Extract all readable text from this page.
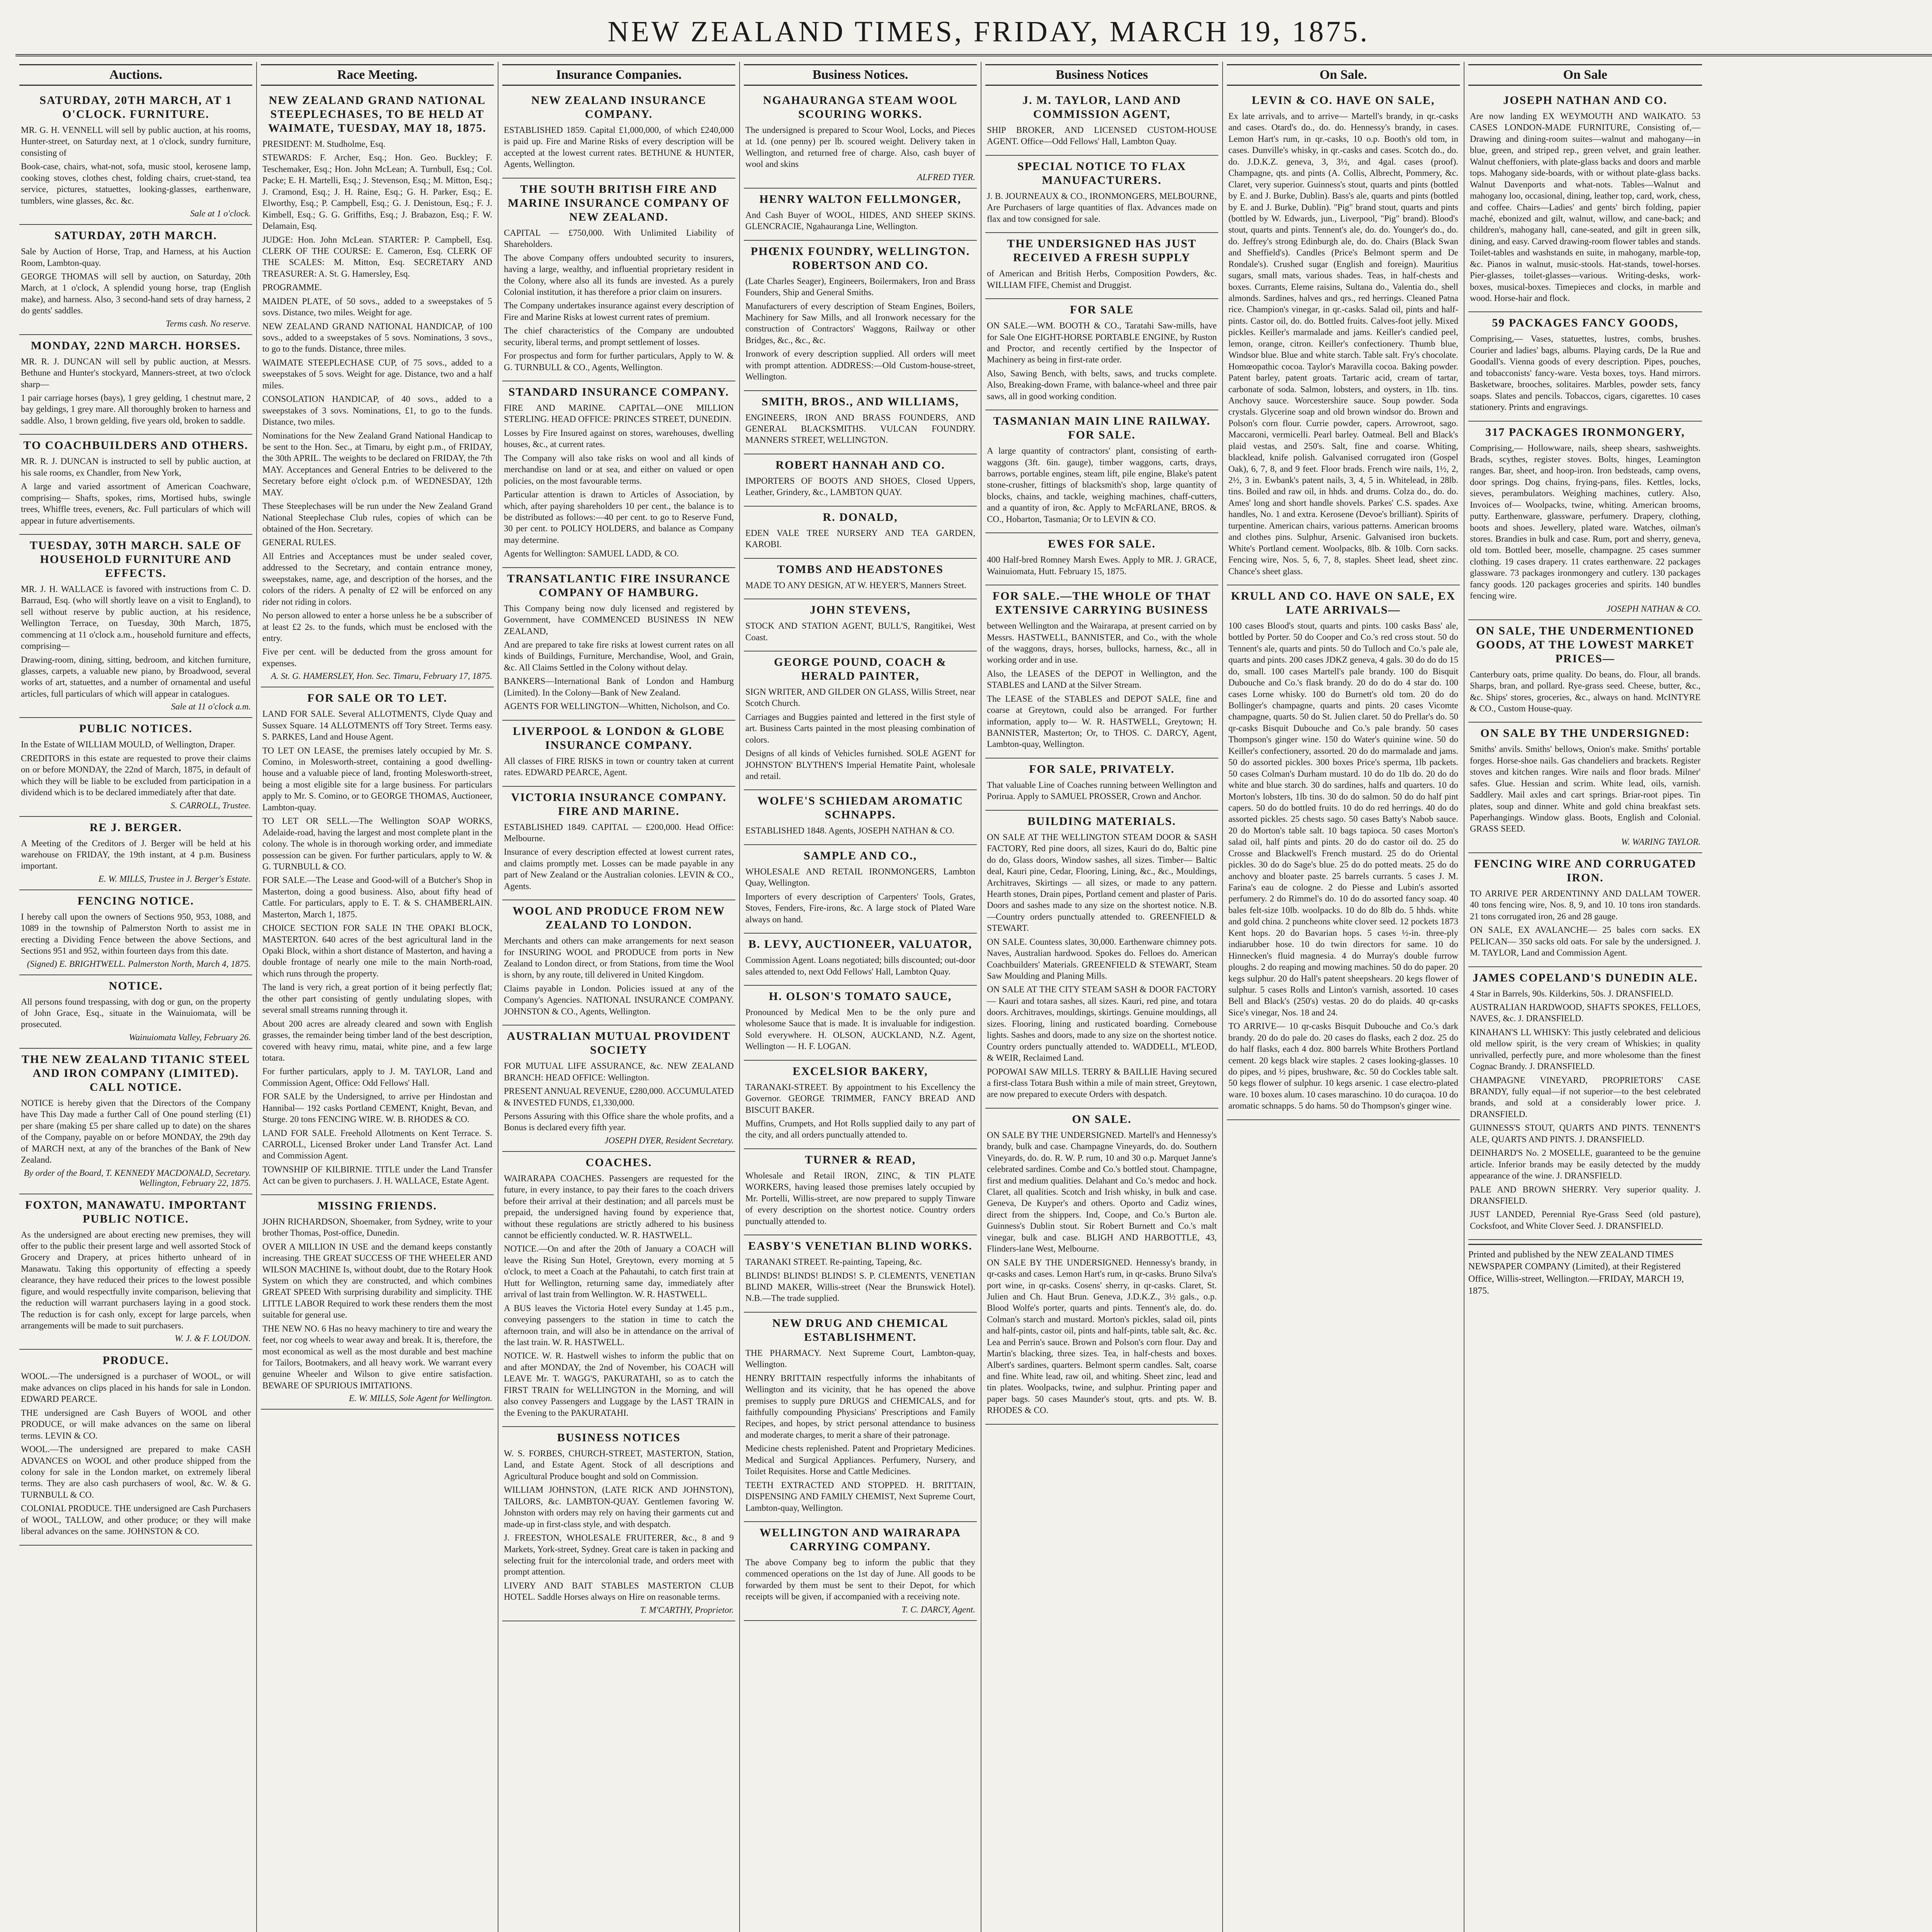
NEW ZEALAND TIMES, FRIDAY, MARCH 19, 1875.
Auctions.
SATURDAY, 20TH MARCH, AT 1 O'CLOCK. FURNITURE.

MR. G. H. VENNELL will sell by public auction, at his rooms, Hunter-street, on Saturday next, at 1 o'clock, sundry furniture, consisting of

Book-case, chairs, what-not, sofa, music stool, kerosene lamp, cooking stoves, clothes chest, folding chairs, cruet-stand, tea service, pictures, statuettes, looking-glasses, earthenware, tumblers, wine glasses, &c. &c.

Sale at 1 o'clock.
SATURDAY, 20TH MARCH.

Sale by Auction of Horse, Trap, and Harness, at his Auction Room, Lambton-quay.

GEORGE THOMAS will sell by auction, on Saturday, 20th March, at 1 o'clock, A splendid young horse, trap (English make), and harness. Also, 3 second-hand sets of dray harness, 2 do gents' saddles.

Terms cash. No reserve.
MONDAY, 22ND MARCH. HORSES.

MR. R. J. DUNCAN will sell by public auction, at Messrs. Bethune and Hunter's stockyard, Manners-street, at two o'clock sharp—

1 pair carriage horses (bays), 1 grey gelding, 1 chestnut mare, 2 bay geldings, 1 grey mare. All thoroughly broken to harness and saddle. Also, 1 brown gelding, five years old, broken to saddle.

TO COACHBUILDERS AND OTHERS.

MR. R. J. DUNCAN is instructed to sell by public auction, at his sale rooms, ex Chandler, from New York,

A large and varied assortment of American Coachware, comprising— Shafts, spokes, rims, Mortised hubs, swingle trees, Whiffle trees, eveners, &c. Full particulars of which will appear in future advertisements.

TUESDAY, 30TH MARCH. SALE OF HOUSEHOLD FURNITURE AND EFFECTS.

MR. J. H. WALLACE is favored with instructions from C. D. Barraud, Esq. (who will shortly leave on a visit to England), to sell without reserve by public auction, at his residence, Wellington Terrace, on Tuesday, 30th March, 1875, commencing at 11 o'clock a.m., household furniture and effects, comprising—

Drawing-room, dining, sitting, bedroom, and kitchen furniture, glasses, carpets, a valuable new piano, by Broadwood, several works of art, statuettes, and a number of ornamental and useful articles, full particulars of which will appear in catalogues.

Sale at 11 o'clock a.m.
PUBLIC NOTICES.

In the Estate of WILLIAM MOULD, of Wellington, Draper.

CREDITORS in this estate are requested to prove their claims on or before MONDAY, the 22nd of March, 1875, in default of which they will be liable to be excluded from participation in a dividend which is to be declared immediately after that date.

S. CARROLL, Trustee.
RE J. BERGER.

A Meeting of the Creditors of J. Berger will be held at his warehouse on FRIDAY, the 19th instant, at 4 p.m. Business important.

E. W. MILLS, Trustee in J. Berger's Estate.
FENCING NOTICE.

I hereby call upon the owners of Sections 950, 953, 1088, and 1089 in the township of Palmerston North to assist me in erecting a Dividing Fence between the above Sections, and Sections 951 and 952, within fourteen days from this date.

(Signed) E. BRIGHTWELL. Palmerston North, March 4, 1875.
NOTICE.

All persons found trespassing, with dog or gun, on the property of John Grace, Esq., situate in the Wainuiomata, will be prosecuted.

Wainuiomata Valley, February 26.
THE NEW ZEALAND TITANIC STEEL AND IRON COMPANY (LIMITED). CALL NOTICE.

NOTICE is hereby given that the Directors of the Company have This Day made a further Call of One pound sterling (£1) per share (making £5 per share called up to date) on the shares of the Company, payable on or before MONDAY, the 29th day of MARCH next, at any of the branches of the Bank of New Zealand.

By order of the Board, T. KENNEDY MACDONALD, Secretary. Wellington, February 22, 1875.
FOXTON, MANAWATU. IMPORTANT PUBLIC NOTICE.

As the undersigned are about erecting new premises, they will offer to the public their present large and well assorted Stock of Grocery and Drapery, at prices hitherto unheard of in Manawatu. Taking this opportunity of effecting a speedy clearance, they have reduced their prices to the lowest possible figure, and would respectfully invite comparison, believing that the reduction will warrant purchasers laying in a good stock. The reduction is for cash only, except for large parcels, when arrangements will be made to suit purchasers.

W. J. & F. LOUDON.
PRODUCE.

WOOL.—The undersigned is a purchaser of WOOL, or will make advances on clips placed in his hands for sale in London. EDWARD PEARCE.

THE undersigned are Cash Buyers of WOOL and other PRODUCE, or will make advances on the same on liberal terms. LEVIN & CO.

WOOL.—The undersigned are prepared to make CASH ADVANCES on WOOL and other produce shipped from the colony for sale in the London market, on extremely liberal terms. They are also cash purchasers of wool, &c. W. & G. TURNBULL & CO.

COLONIAL PRODUCE. THE undersigned are Cash Purchasers of WOOL, TALLOW, and other produce; or they will make liberal advances on the same. JOHNSTON & CO.

Race Meeting.
NEW ZEALAND GRAND NATIONAL STEEPLECHASES, TO BE HELD AT WAIMATE, TUESDAY, MAY 18, 1875.

PRESIDENT: M. Studholme, Esq.

STEWARDS: F. Archer, Esq.; Hon. Geo. Buckley; F. Teschemaker, Esq.; Hon. John McLean; A. Turnbull, Esq.; Col. Packe; E. H. Martelli, Esq.; J. Stevenson, Esq.; M. Mitton, Esq.; J. Cramond, Esq.; J. H. Raine, Esq.; G. H. Parker, Esq.; E. Elworthy, Esq.; P. Campbell, Esq.; G. J. Denistoun, Esq.; F. J. Kimbell, Esq.; G. G. Griffiths, Esq.; J. Brabazon, Esq.; F. W. Delamain, Esq.

JUDGE: Hon. John McLean. STARTER: P. Campbell, Esq. CLERK OF THE COURSE: E. Cameron, Esq. CLERK OF THE SCALES: M. Mitton, Esq. SECRETARY AND TREASURER: A. St. G. Hamersley, Esq.

PROGRAMME.

MAIDEN PLATE, of 50 sovs., added to a sweepstakes of 5 sovs. Distance, two miles. Weight for age.

NEW ZEALAND GRAND NATIONAL HANDICAP, of 100 sovs., added to a sweepstakes of 5 sovs. Nominations, 3 sovs., to go to the funds. Distance, three miles.

WAIMATE STEEPLECHASE CUP, of 75 sovs., added to a sweepstakes of 5 sovs. Weight for age. Distance, two and a half miles.

CONSOLATION HANDICAP, of 40 sovs., added to a sweepstakes of 3 sovs. Nominations, £1, to go to the funds. Distance, two miles.

Nominations for the New Zealand Grand National Handicap to be sent to the Hon. Sec., at Timaru, by eight p.m., of FRIDAY, the 30th APRIL. The weights to be declared on FRIDAY, the 7th MAY. Acceptances and General Entries to be delivered to the Secretary before eight o'clock p.m. of WEDNESDAY, 12th MAY.

These Steeplechases will be run under the New Zealand Grand National Steeplechase Club rules, copies of which can be obtained of the Hon. Secretary.

GENERAL RULES.

All Entries and Acceptances must be under sealed cover, addressed to the Secretary, and contain entrance money, sweepstakes, name, age, and description of the horses, and the colors of the riders. A penalty of £2 will be enforced on any rider not riding in colors.

No person allowed to enter a horse unless he be a subscriber of at least £2 2s. to the funds, which must be enclosed with the entry.

Five per cent. will be deducted from the gross amount for expenses.

A. St. G. HAMERSLEY, Hon. Sec. Timaru, February 17, 1875.
FOR SALE OR TO LET.

LAND FOR SALE. Several ALLOTMENTS, Clyde Quay and Sussex Square. 14 ALLOTMENTS off Tory Street. Terms easy. S. PARKES, Land and House Agent.

TO LET ON LEASE, the premises lately occupied by Mr. S. Comino, in Molesworth-street, containing a good dwelling-house and a valuable piece of land, fronting Molesworth-street, being a most eligible site for a large business. For particulars apply to Mr. S. Comino, or to GEORGE THOMAS, Auctioneer, Lambton-quay.

TO LET OR SELL.—The Wellington SOAP WORKS, Adelaide-road, having the largest and most complete plant in the colony. The whole is in thorough working order, and immediate possession can be given. For further particulars, apply to W. & G. TURNBULL & CO.

FOR SALE.—The Lease and Good-will of a Butcher's Shop in Masterton, doing a good business. Also, about fifty head of Cattle. For particulars, apply to E. T. & S. CHAMBERLAIN. Masterton, March 1, 1875.

CHOICE SECTION FOR SALE IN THE OPAKI BLOCK, MASTERTON. 640 acres of the best agricultural land in the Opaki Block, within a short distance of Masterton, and having a double frontage of nearly one mile to the main North-road, which runs through the property.

The land is very rich, a great portion of it being perfectly flat; the other part consisting of gently undulating slopes, with several small streams running through it.

About 200 acres are already cleared and sown with English grasses, the remainder being timber land of the best description, covered with heavy rimu, matai, white pine, and a few large totara.

For further particulars, apply to J. M. TAYLOR, Land and Commission Agent, Office: Odd Fellows' Hall.

FOR SALE by the Undersigned, to arrive per Hindostan and Hannibal— 192 casks Portland CEMENT, Knight, Bevan, and Sturge. 20 tons FENCING WIRE. W. B. RHODES & CO.

LAND FOR SALE. Freehold Allotments on Kent Terrace. S. CARROLL, Licensed Broker under Land Transfer Act. Land and Commission Agent.

TOWNSHIP OF KILBIRNIE. TITLE under the Land Transfer Act can be given to purchasers. J. H. WALLACE, Estate Agent.

MISSING FRIENDS.

JOHN RICHARDSON, Shoemaker, from Sydney, write to your brother Thomas, Post-office, Dunedin.

OVER A MILLION IN USE and the demand keeps constantly increasing. THE GREAT SUCCESS OF THE WHEELER AND WILSON MACHINE Is, without doubt, due to the Rotary Hook System on which they are constructed, and which combines GREAT SPEED With surprising durability and simplicity. THE LITTLE LABOR Required to work these renders them the most suitable for general use.

THE NEW NO. 6 Has no heavy machinery to tire and weary the feet, nor cog wheels to wear away and break. It is, therefore, the most economical as well as the most durable and best machine for Tailors, Bootmakers, and all heavy work. We warrant every genuine Wheeler and Wilson to give entire satisfaction. BEWARE OF SPURIOUS IMITATIONS.

E. W. MILLS, Sole Agent for Wellington.
Insurance Companies.
NEW ZEALAND INSURANCE COMPANY.

ESTABLISHED 1859. Capital £1,000,000, of which £240,000 is paid up. Fire and Marine Risks of every description will be accepted at the lowest current rates. BETHUNE & HUNTER, Agents, Wellington.

THE SOUTH BRITISH FIRE AND MARINE INSURANCE COMPANY OF NEW ZEALAND.

CAPITAL — £750,000. With Unlimited Liability of Shareholders.

The above Company offers undoubted security to insurers, having a large, wealthy, and influential proprietary resident in the Colony, where also all its funds are invested. As a purely Colonial institution, it has therefore a prior claim on insurers.

The Company undertakes insurance against every description of Fire and Marine Risks at lowest current rates of premium.

The chief characteristics of the Company are undoubted security, liberal terms, and prompt settlement of losses.

For prospectus and form for further particulars, Apply to W. & G. TURNBULL & CO., Agents, Wellington.

STANDARD INSURANCE COMPANY.

FIRE AND MARINE. CAPITAL—ONE MILLION STERLING. HEAD OFFICE: PRINCES STREET, DUNEDIN.

Losses by Fire Insured against on stores, warehouses, dwelling houses, &c., at current rates.

The Company will also take risks on wool and all kinds of merchandise on land or at sea, and either on valued or open policies, on the most favourable terms.

Particular attention is drawn to Articles of Association, by which, after paying shareholders 10 per cent., the balance is to be distributed as follows:—40 per cent. to go to Reserve Fund, 30 per cent. to POLICY HOLDERS, and balance as Company may determine.

Agents for Wellington: SAMUEL LADD, & CO.

TRANSATLANTIC FIRE INSURANCE COMPANY OF HAMBURG.

This Company being now duly licensed and registered by Government, have COMMENCED BUSINESS IN NEW ZEALAND,

And are prepared to take fire risks at lowest current rates on all kinds of Buildings, Furniture, Merchandise, Wool, and Grain, &c. All Claims Settled in the Colony without delay.

BANKERS—International Bank of London and Hamburg (Limited). In the Colony—Bank of New Zealand.

AGENTS FOR WELLINGTON—Whitten, Nicholson, and Co.

LIVERPOOL & LONDON & GLOBE INSURANCE COMPANY.

All classes of FIRE RISKS in town or country taken at current rates. EDWARD PEARCE, Agent.

VICTORIA INSURANCE COMPANY. FIRE AND MARINE.

ESTABLISHED 1849. CAPITAL — £200,000. Head Office: Melbourne.

Insurance of every description effected at lowest current rates, and claims promptly met. Losses can be made payable in any part of New Zealand or the Australian colonies. LEVIN & CO., Agents.

WOOL AND PRODUCE FROM NEW ZEALAND TO LONDON.

Merchants and others can make arrangements for next season for INSURING WOOL and PRODUCE from ports in New Zealand to London direct, or from Stations, from time the Wool is shorn, by any route, till delivered in United Kingdom.

Claims payable in London. Policies issued at any of the Company's Agencies. NATIONAL INSURANCE COMPANY. JOHNSTON & CO., Agents, Wellington.

AUSTRALIAN MUTUAL PROVIDENT SOCIETY

FOR MUTUAL LIFE ASSURANCE, &c. NEW ZEALAND BRANCH: HEAD OFFICE: Wellington.

PRESENT ANNUAL REVENUE, £280,000. ACCUMULATED & INVESTED FUNDS, £1,330,000.

Persons Assuring with this Office share the whole profits, and a Bonus is declared every fifth year.

JOSEPH DYER, Resident Secretary.
COACHES.

WAIRARAPA COACHES. Passengers are requested for the future, in every instance, to pay their fares to the coach drivers before their arrival at their destination; and all parcels must be prepaid, the undersigned having found by experience that, without these regulations are strictly adhered to his business cannot be efficiently conducted. W. R. HASTWELL.

NOTICE.—On and after the 20th of January a COACH will leave the Rising Sun Hotel, Greytown, every morning at 5 o'clock, to meet a Coach at the Pahautahi, to catch first train at Hutt for Wellington, returning same day, immediately after arrival of last train from Wellington. W. R. HASTWELL.

A BUS leaves the Victoria Hotel every Sunday at 1.45 p.m., conveying passengers to the station in time to catch the afternoon train, and will also be in attendance on the arrival of the last train. W. R. HASTWELL.

NOTICE. W. R. Hastwell wishes to inform the public that on and after MONDAY, the 2nd of November, his COACH will LEAVE Mr. T. WAGG'S, PAKURATAHI, so as to catch the FIRST TRAIN for WELLINGTON in the Morning, and will also convey Passengers and Luggage by the LAST TRAIN in the Evening to the PAKURATAHI.

BUSINESS NOTICES

W. S. FORBES, CHURCH-STREET, MASTERTON, Station, Land, and Estate Agent. Stock of all descriptions and Agricultural Produce bought and sold on Commission.

WILLIAM JOHNSTON, (LATE RICK AND JOHNSTON), TAILORS, &c. LAMBTON-QUAY. Gentlemen favoring W. Johnston with orders may rely on having their garments cut and made-up in first-class style, and with despatch.

J. FREESTON, WHOLESALE FRUITERER, &c., 8 and 9 Markets, York-street, Sydney. Great care is taken in packing and selecting fruit for the intercolonial trade, and orders meet with prompt attention.

LIVERY AND BAIT STABLES MASTERTON CLUB HOTEL. Saddle Horses always on Hire on reasonable terms.

T. M'CARTHY, Proprietor.
Business Notices.
NGAHAURANGA STEAM WOOL SCOURING WORKS.

The undersigned is prepared to Scour Wool, Locks, and Pieces at 1d. (one penny) per lb. scoured weight. Delivery taken in Wellington, and returned free of charge. Also, cash buyer of wool and skins

ALFRED TYER.
HENRY WALTON FELLMONGER,

And Cash Buyer of WOOL, HIDES, AND SHEEP SKINS. GLENCRACIE, Ngahauranga Line, Wellington.

PHŒNIX FOUNDRY, WELLINGTON. ROBERTSON AND CO.

(Late Charles Seager), Engineers, Boilermakers, Iron and Brass Founders, Ship and General Smiths.

Manufacturers of every description of Steam Engines, Boilers, Machinery for Saw Mills, and all Ironwork necessary for the construction of Contractors' Waggons, Railway or other Bridges, &c., &c., &c.

Ironwork of every description supplied. All orders will meet with prompt attention. ADDRESS:—Old Custom-house-street, Wellington.

SMITH, BROS., AND WILLIAMS,

ENGINEERS, IRON AND BRASS FOUNDERS, AND GENERAL BLACKSMITHS. VULCAN FOUNDRY. MANNERS STREET, WELLINGTON.

ROBERT HANNAH AND CO.

IMPORTERS OF BOOTS AND SHOES, Closed Uppers, Leather, Grindery, &c., LAMBTON QUAY.

R. DONALD,

EDEN VALE TREE NURSERY AND TEA GARDEN, KAROBI.

TOMBS AND HEADSTONES

MADE TO ANY DESIGN, AT W. HEYER'S, Manners Street.

JOHN STEVENS,

STOCK AND STATION AGENT, BULL'S, Rangitikei, West Coast.

GEORGE POUND, COACH & HERALD PAINTER,

SIGN WRITER, AND GILDER ON GLASS, Willis Street, near Scotch Church.

Carriages and Buggies painted and lettered in the first style of art. Business Carts painted in the most pleasing combination of colors.

Designs of all kinds of Vehicles furnished. SOLE AGENT for JOHNSTON' BLYTHEN'S Imperial Hematite Paint, wholesale and retail.

WOLFE'S SCHIEDAM AROMATIC SCHNAPPS.

ESTABLISHED 1848. Agents, JOSEPH NATHAN & CO.

SAMPLE AND CO.,

WHOLESALE AND RETAIL IRONMONGERS, Lambton Quay, Wellington.

Importers of every description of Carpenters' Tools, Grates, Stoves, Fenders, Fire-irons, &c. A large stock of Plated Ware always on hand.

B. LEVY, AUCTIONEER, VALUATOR,

Commission Agent. Loans negotiated; bills discounted; out-door sales attended to, next Odd Fellows' Hall, Lambton Quay.

H. OLSON'S TOMATO SAUCE,

Pronounced by Medical Men to be the only pure and wholesome Sauce that is made. It is invaluable for indigestion. Sold everywhere. H. OLSON, AUCKLAND, N.Z. Agent, Wellington — H. F. LOGAN.

EXCELSIOR BAKERY,

TARANAKI-STREET. By appointment to his Excellency the Governor. GEORGE TRIMMER, FANCY BREAD AND BISCUIT BAKER.

Muffins, Crumpets, and Hot Rolls supplied daily to any part of the city, and all orders punctually attended to.

TURNER & READ,

Wholesale and Retail IRON, ZINC, & TIN PLATE WORKERS, having leased those premises lately occupied by Mr. Portelli, Willis-street, are now prepared to supply Tinware of every description on the shortest notice. Country orders punctually attended to.

EASBY'S VENETIAN BLIND WORKS.

TARANAKI STREET. Re-painting, Tapeing, &c.

BLINDS! BLINDS! BLINDS! S. P. CLEMENTS, VENETIAN BLIND MAKER, Willis-street (Near the Brunswick Hotel). N.B.—The trade supplied.

NEW DRUG AND CHEMICAL ESTABLISHMENT.

THE PHARMACY. Next Supreme Court, Lambton-quay, Wellington.

HENRY BRITTAIN respectfully informs the inhabitants of Wellington and its vicinity, that he has opened the above premises to supply pure DRUGS and CHEMICALS, and for faithfully compounding Physicians' Prescriptions and Family Recipes, and hopes, by strict personal attendance to business and moderate charges, to merit a share of their patronage.

Medicine chests replenished. Patent and Proprietary Medicines. Medical and Surgical Appliances. Perfumery, Nursery, and Toilet Requisites. Horse and Cattle Medicines.

TEETH EXTRACTED AND STOPPED. H. BRITTAIN, DISPENSING AND FAMILY CHEMIST, Next Supreme Court, Lambton-quay, Wellington.

WELLINGTON AND WAIRARAPA CARRYING COMPANY.

The above Company beg to inform the public that they commenced operations on the 1st day of June. All goods to be forwarded by them must be sent to their Depot, for which receipts will be given, if accompanied with a receiving note.

T. C. DARCY, Agent.
Business Notices
J. M. TAYLOR, LAND AND COMMISSION AGENT,

SHIP BROKER, AND LICENSED CUSTOM-HOUSE AGENT. Office—Odd Fellows' Hall, Lambton Quay.

SPECIAL NOTICE TO FLAX MANUFACTURERS.

J. B. JOURNEAUX & CO., IRONMONGERS, MELBOURNE, Are Purchasers of large quantities of flax. Advances made on flax and tow consigned for sale.

THE UNDERSIGNED HAS JUST RECEIVED A FRESH SUPPLY

of American and British Herbs, Composition Powders, &c. WILLIAM FIFE, Chemist and Druggist.

FOR SALE

ON SALE.—WM. BOOTH & CO., Taratahi Saw-mills, have for Sale One EIGHT-HORSE PORTABLE ENGINE, by Ruston and Proctor, and recently certified by the Inspector of Machinery as being in first-rate order.

Also, Sawing Bench, with belts, saws, and trucks complete. Also, Breaking-down Frame, with balance-wheel and three pair saws, all in good working condition.

TASMANIAN MAIN LINE RAILWAY. FOR SALE.

A large quantity of contractors' plant, consisting of earth-waggons (3ft. 6in. gauge), timber waggons, carts, drays, barrows, portable engines, steam lift, pile engine, Blake's patent stone-crusher, fittings of blacksmith's shop, large quantity of blocks, chains, and tackle, weighing machines, chaff-cutters, and a quantity of iron, &c. Apply to McFARLANE, BROS. & CO., Hobarton, Tasmania; Or to LEVIN & CO.

EWES FOR SALE.

400 Half-bred Romney Marsh Ewes. Apply to MR. J. GRACE, Wainuiomata, Hutt. February 15, 1875.

FOR SALE.—THE WHOLE OF THAT EXTENSIVE CARRYING BUSINESS

between Wellington and the Wairarapa, at present carried on by Messrs. HASTWELL, BANNISTER, and Co., with the whole of the waggons, drays, horses, bullocks, harness, &c., all in working order and in use.

Also, the LEASES of the DEPOT in Wellington, and the STABLES and LAND at the Silver Stream.

The LEASE of the STABLES and DEPOT SALE, fine and coarse at Greytown, could also be arranged. For further information, apply to— W. R. HASTWELL, Greytown; H. BANNISTER, Masterton; Or, to THOS. C. DARCY, Agent, Lambton-quay, Wellington.

FOR SALE, PRIVATELY.

That valuable Line of Coaches running between Wellington and Porirua. Apply to SAMUEL PROSSER, Crown and Anchor.

BUILDING MATERIALS.

ON SALE AT THE WELLINGTON STEAM DOOR & SASH FACTORY, Red pine doors, all sizes, Kauri do do, Baltic pine do do, Glass doors, Window sashes, all sizes. Timber— Baltic deal, Kauri pine, Cedar, Flooring, Lining, &c., &c., Mouldings, Architraves, Skirtings — all sizes, or made to any pattern. Hearth stones, Drain pipes, Portland cement and plaster of Paris. Doors and sashes made to any size on the shortest notice. N.B.—Country orders punctually attended to. GREENFIELD & STEWART.

ON SALE. Countess slates, 30,000. Earthenware chimney pots. Naves, Australian hardwood. Spokes do. Felloes do. American Coachbuilders' Materials. GREENFIELD & STEWART, Steam Saw Moulding and Planing Mills.

ON SALE AT THE CITY STEAM SASH & DOOR FACTORY— Kauri and totara sashes, all sizes. Kauri, red pine, and totara doors. Architraves, mouldings, skirtings. Genuine mouldings, all sizes. Flooring, lining and rusticated boarding. Cornebouse lights. Sashes and doors, made to any size on the shortest notice. Country orders punctually attended to. WADDELL, M'LEOD, & WEIR, Reclaimed Land.

POPOWAI SAW MILLS. TERRY & BAILLIE Having secured a first-class Totara Bush within a mile of main street, Greytown, are now prepared to execute Orders with despatch.

ON SALE.

ON SALE BY THE UNDERSIGNED. Martell's and Hennessy's brandy, bulk and case. Champagne Vineyards, do. do. Southern Vineyards, do. do. R. W. P. rum, 10 and 30 o.p. Marquet Janne's celebrated sardines. Combe and Co.'s bottled stout. Champagne, first and medium qualities. Delahant and Co.'s medoc and hock. Claret, all qualities. Scotch and Irish whisky, in bulk and case. Geneva, De Kuyper's and others. Oporto and Cadiz wines, direct from the shippers. Ind, Coope, and Co.'s Burton ale. Guinness's Dublin stout. Sir Robert Burnett and Co.'s malt vinegar, bulk and case. BLIGH AND HARBOTTLE, 43, Flinders-lane West, Melbourne.

ON SALE BY THE UNDERSIGNED. Hennessy's brandy, in qr-casks and cases. Lemon Hart's rum, in qr-casks. Bruno Silva's port wine, in qr-casks. Cosens' sherry, in qr-casks. Claret, St. Julien and Ch. Haut Brun. Geneva, J.D.K.Z., 3½ gals., o.p. Blood Wolfe's porter, quarts and pints. Tennent's ale, do. do. Colman's starch and mustard. Morton's pickles, salad oil, pints and half-pints, castor oil, pints and half-pints, table salt, &c. &c. Lea and Perrin's sauce. Brown and Polson's corn flour. Day and Martin's blacking, three sizes. Tea, in half-chests and boxes. Albert's sardines, quarters. Belmont sperm candles. Salt, coarse and fine. White lead, raw oil, and whiting. Sheet zinc, lead and tin plates. Woolpacks, twine, and sulphur. Printing paper and paper bags. 50 cases Maunder's stout, qrts. and pts. W. B. RHODES & CO.

On Sale.
LEVIN & CO. HAVE ON SALE,

Ex late arrivals, and to arrive— Martell's brandy, in qr.-casks and cases. Otard's do., do. do. Hennessy's brandy, in cases. Lemon Hart's rum, in qr.-casks, 10 o.p. Booth's old tom, in cases. Dunville's whisky, in qr.-casks and cases. Scotch do., do. do. J.D.K.Z. geneva, 3, 3½, and 4gal. cases (proof). Champagne, qts. and pints (A. Collis, Albrecht, Pommery, &c. Claret, very superior. Guinness's stout, quarts and pints (bottled by E. and J. Burke, Dublin). Bass's ale, quarts and pints (bottled by E. and J. Burke, Dublin). "Pig" brand stout, quarts and pints (bottled by W. Edwards, jun., Liverpool, "Pig" brand). Blood's stout, quarts and pints. Tennent's ale, do. do. Younger's do., do. do. Jeffrey's strong Edinburgh ale, do. do. Chairs (Black Swan and Sheffield's). Candles (Price's Belmont sperm and De Rondale's). Crushed sugar (English and foreign). Mauritius sugars, small mats, various shades. Teas, in half-chests and boxes. Currants, Eleme raisins, Sultana do., Valentia do., shell almonds. Sardines, halves and qrs., red herrings. Cleaned Patna rice. Champion's vinegar, in qr.-casks. Salad oil, pints and half-pints. Castor oil, do. do. Bottled fruits. Calves-foot jelly. Mixed pickles. Keiller's marmalade and jams. Keiller's candied peel, lemon, orange, citron. Keiller's confectionery. Thumb blue, Windsor blue. Blue and white starch. Table salt. Fry's chocolate. Homœopathic cocoa. Taylor's Maravilla cocoa. Baking powder. Patent barley, patent groats. Tartaric acid, cream of tartar, carbonate of soda. Salmon, lobsters, and oysters, in 1lb. tins. Anchovy sauce. Worcestershire sauce. Soup powder. Soda crystals. Glycerine soap and old brown windsor do. Brown and Polson's corn flour. Currie powder, capers. Arrowroot, sago. Maccaroni, vermicelli. Pearl barley. Oatmeal. Bell and Black's plaid vestas, and 250's. Salt, fine and coarse. Whiting, blacklead, knife polish. Galvanised corrugated iron (Gospel Oak), 6, 7, 8, and 9 feet. Floor brads. French wire nails, 1½, 2, 2½, 3 in. Ewbank's patent nails, 3, 4, 5 in. Whitelead, in 28lb. tins. Boiled and raw oil, in hhds. and drums. Colza do., do. do. Ames' long and short handle shovels. Parkes' C.S. spades. Axe handles, No. 1 and extra. Kerosene (Devoe's brilliant). Spirits of turpentine. American chairs, various patterns. American brooms and clothes pins. Sulphur, Arsenic. Galvanised iron buckets. White's Portland cement. Woolpacks, 8lb. & 10lb. Corn sacks. Fencing wire, Nos. 5, 6, 7, 8, staples. Sheet lead, sheet zinc. Chance's sheet glass.

KRULL AND CO. HAVE ON SALE, EX LATE ARRIVALS—

100 cases Blood's stout, quarts and pints. 100 casks Bass' ale, bottled by Porter. 50 do Cooper and Co.'s red cross stout. 50 do Tennent's ale, quarts and pints. 50 do Tulloch and Co.'s pale ale, quarts and pints. 200 cases JDKZ geneva, 4 gals. 30 do do do 15 do, small. 100 cases Martell's pale brandy. 100 do Bisquit Dubouche and Co.'s flask brandy. 20 do do do 4 star do. 100 cases Lorne whisky. 100 do Burnett's old tom. 20 do do Bollinger's champagne, quarts and pints. 20 cases Vicomte champagne, quarts. 50 do St. Julien claret. 50 do Prellar's do. 50 qr-casks Bisquit Dubouche and Co.'s pale brandy. 50 cases Thompson's ginger wine. 150 do Water's quinine wine. 50 do Keiller's confectionery, assorted. 20 do do marmalade and jams. 50 do assorted pickles. 300 boxes Price's sperma, 1lb packets. 50 cases Colman's Durham mustard. 10 do do 1lb do. 20 do do white and blue starch. 30 do sardines, halfs and quarters. 10 do Morton's lobsters, 1lb tins. 30 do do salmon. 50 do do half pint capers. 50 do do bottled fruits. 10 do do red herrings. 40 do do assorted pickles. 25 chests sago. 50 cases Batty's Nabob sauce. 20 do Morton's table salt. 10 bags tapioca. 50 cases Morton's salad oil, half pints and pints. 20 do do castor oil do. 25 do Crosse and Blackwell's French mustard. 25 do do Oriental pickles. 30 do do Sage's blue. 25 do do potted meats. 25 do do anchovy and bloater paste. 25 barrels currants. 5 cases J. M. Farina's eau de cologne. 2 do Piesse and Lubin's assorted perfumery. 2 do Rimmel's do. 10 do do assorted fancy soap. 40 bales felt-size 10lb. woolpacks. 10 do do 8lb do. 5 hhds. white and gold china. 2 puncheons white clover seed. 12 pockets 1873 Kent hops. 20 do Bavarian hops. 5 cases ½-in. three-ply indiarubber hose. 10 do twin directors for same. 10 do Hinnecken's fluid magnesia. 4 do Murray's double furrow ploughs. 2 do reaping and mowing machines. 50 do do paper. 20 kegs sulphur. 20 do Hall's patent sheepshears. 20 kegs flower of sulphur. 5 cases Rolls and Linton's varnish, assorted. 10 cases Bell and Black's (250's) vestas. 20 do do plaids. 40 qr-casks Sice's vinegar, Nos. 18 and 24.

TO ARRIVE— 10 qr-casks Bisquit Dubouche and Co.'s dark brandy. 20 do do pale do. 20 cases do flasks, each 2 doz. 25 do do half flasks, each 4 doz. 800 barrels White Brothers Portland cement. 20 kegs black wire staples. 2 cases looking-glasses. 10 do pipes, and ½ pipes, brushware, &c. 50 do Cockles table salt. 50 kegs flower of sulphur. 10 kegs arsenic. 1 case electro-plated ware. 10 boxes alum. 10 cases maraschino. 10 do curaçoa. 10 do aromatic schnapps. 5 do hams. 50 do Thompson's ginger wine.

On Sale
JOSEPH NATHAN AND CO.

Are now landing EX WEYMOUTH AND WAIKATO. 53 CASES LONDON-MADE FURNITURE, Consisting of,— Drawing and dining-room suites—walnut and mahogany—in blue, green, and striped rep., green velvet, and grain leather. Walnut cheffoniers, with plate-glass backs and doors and marble tops. Mahogany side-boards, with or without plate-glass backs. Walnut Davenports and what-nots. Tables—Walnut and mahogany loo, occasional, dining, leather top, card, work, chess, and coffee. Chairs—Ladies' and gents' birch folding, papier maché, ebonized and gilt, walnut, willow, and cane-back; and children's, mahogany hall, cane-seated, and gilt in green silk, dining, and easy. Carved drawing-room flower tables and stands. Toilet-tables and washstands en suite, in mahogany, marble-top, &c. Pianos in walnut, music-stools. Hat-stands, towel-horses. Pier-glasses, toilet-glasses—various. Writing-desks, work-boxes, musical-boxes. Timepieces and clocks, in marble and wood. Horse-hair and flock.

59 PACKAGES FANCY GOODS,

Comprising,— Vases, statuettes, lustres, combs, brushes. Courier and ladies' bags, albums. Playing cards, De la Rue and Goodall's. Vienna goods of every description. Pipes, pouches, and tobacconists' fancy-ware. Vesta boxes, toys. Hand mirrors. Basketware, brooches, solitaires. Marbles, powder sets, fancy soaps. Slates and pencils. Tobaccos, cigars, cigarettes. 10 cases stationery. Prints and engravings.

317 PACKAGES IRONMONGERY,

Comprising,— Hollowware, nails, sheep shears, sashweights. Brads, scythes, register stoves. Bolts, hinges, Leamington ranges. Bar, sheet, and hoop-iron. Iron bedsteads, camp ovens, door springs. Dog chains, frying-pans, files. Kettles, locks, sieves, perambulators. Weighing machines, cutlery. Also, Invoices of— Woolpacks, twine, whiting. American brooms, putty. Earthenware, glassware, perfumery. Drapery, clothing, boots and shoes. Jewellery, plated ware. Watches, oilman's stores. Brandies in bulk and case. Rum, port and sherry, geneva, old tom. Bottled beer, moselle, champagne. 25 cases summer clothing. 19 cases drapery. 11 crates earthenware. 22 packages glassware. 73 packages ironmongery and cutlery. 130 packages fancy goods. 120 packages groceries and spirits. 140 bundles fencing wire.

JOSEPH NATHAN & CO.
ON SALE, THE UNDERMENTIONED GOODS, AT THE LOWEST MARKET PRICES—

Canterbury oats, prime quality. Do beans, do. Flour, all brands. Sharps, bran, and pollard. Rye-grass seed. Cheese, butter, &c., &c. Ships' stores, groceries, &c., always on hand. McINTYRE & CO., Custom House-quay.

ON SALE BY THE UNDERSIGNED:

Smiths' anvils. Smiths' bellows, Onion's make. Smiths' portable forges. Horse-shoe nails. Gas chandeliers and brackets. Register stoves and kitchen ranges. Wire nails and floor brads. Milner' safes. Glue. Hessian and scrim. White lead, oils, varnish. Saddlery. Mail axles and cart springs. Briar-root pipes. Tin plates, soup and dinner. White and gold china breakfast sets. Paperhangings. Window glass. Boots, English and Colonial. GRASS SEED.

W. WARING TAYLOR.
FENCING WIRE AND CORRUGATED IRON.

TO ARRIVE PER ARDENTINNY AND DALLAM TOWER. 40 tons fencing wire, Nos. 8, 9, and 10. 10 tons iron standards. 21 tons corrugated iron, 26 and 28 gauge.

ON SALE, EX AVALANCHE— 25 bales corn sacks. EX PELICAN— 350 sacks old oats. For sale by the undersigned. J. M. TAYLOR, Land and Commission Agent.

JAMES COPELAND'S DUNEDIN ALE.

4 Star in Barrels, 90s. Kilderkins, 50s. J. DRANSFIELD.

AUSTRALIAN HARDWOOD, SHAFTS SPOKES, FELLOES, NAVES, &c. J. DRANSFIELD.

KINAHAN'S LL WHISKY: This justly celebrated and delicious old mellow spirit, is the very cream of Whiskies; in quality unrivalled, perfectly pure, and more wholesome than the finest Cognac Brandy. J. DRANSFIELD.

CHAMPAGNE VINEYARD, PROPRIETORS' CASE BRANDY, fully equal—if not superior—to the best celebrated brands, and sold at a considerably lower price. J. DRANSFIELD.

GUINNESS'S STOUT, QUARTS AND PINTS. TENNENT'S ALE, QUARTS AND PINTS. J. DRANSFIELD.

DEINHARD'S No. 2 MOSELLE, guaranteed to be the genuine article. Inferior brands may be easily detected by the muddy appearance of the wine. J. DRANSFIELD.

PALE AND BROWN SHERRY. Very superior quality. J. DRANSFIELD.

JUST LANDED, Perennial Rye-Grass Seed (old pasture), Cocksfoot, and White Clover Seed. J. DRANSFIELD.

Printed and published by the NEW ZEALAND TIMES NEWSPAPER COMPANY (Limited), at their Registered Office, Willis-street, Wellington.—FRIDAY, MARCH 19, 1875.
